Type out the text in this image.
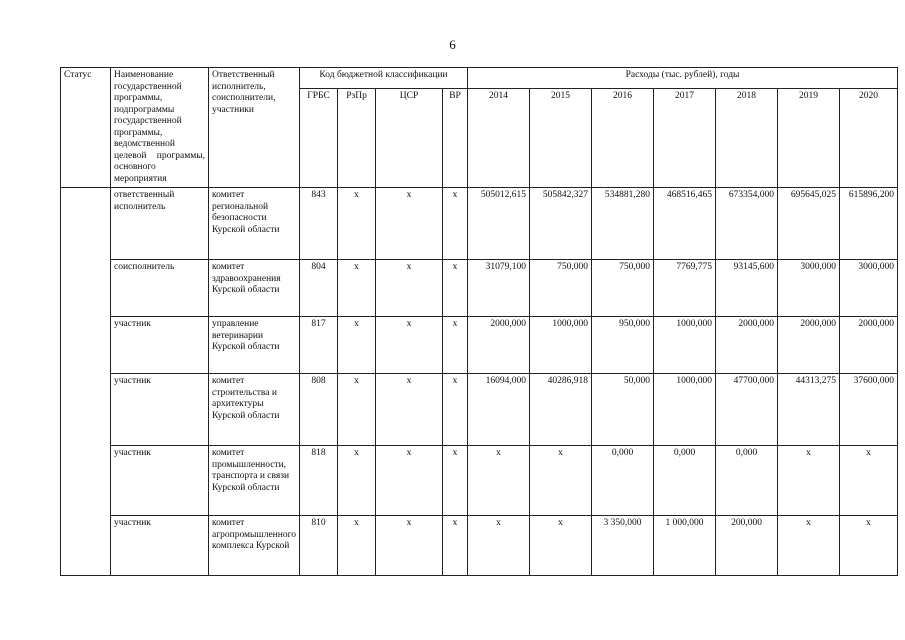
6
Статус	Наименование государственной программы, подпрограммы государственной программы, ведомственной целевой программы, основного мероприятия	Ответственный исполнитель, соисполнители, участники	Код бюджетной классификации				Расходы (тыс. рублей), годы						
			ГРБС	РзПр	ЦСР	ВР	2014	2015	2016	2017	2018	2019	2020
	ответственный исполнитель	комитет региональной безопасности Курской области	843	x	x	x	505012,615	505842,327	534881,280	468516,465	673354,000	695645,025	615896,200
	соисполнитель	комитет здравоохранения Курской области	804	x	x	x	31079,100	750,000	750,000	7769,775	93145,600	3000,000	3000,000
	участник	управление ветеринарии Курской области	817	x	x	x	2000,000	1000,000	950,000	1000,000	2000,000	2000,000	2000,000
	участник	комитет строительства и архитектуры Курской области	808	x	x	x	16094,000	40286,918	50,000	1000,000	47700,000	44313,275	37600,000
	участник	комитет промышленности, транспорта и связи Курской области	818	x	x	x	x	x	0,000	0,000	0,000	x	x
	участник	комитет агропромышленного комплекса Курской	810	x	x	x	x	x	3 350,000	1 000,000	200,000	x	x
